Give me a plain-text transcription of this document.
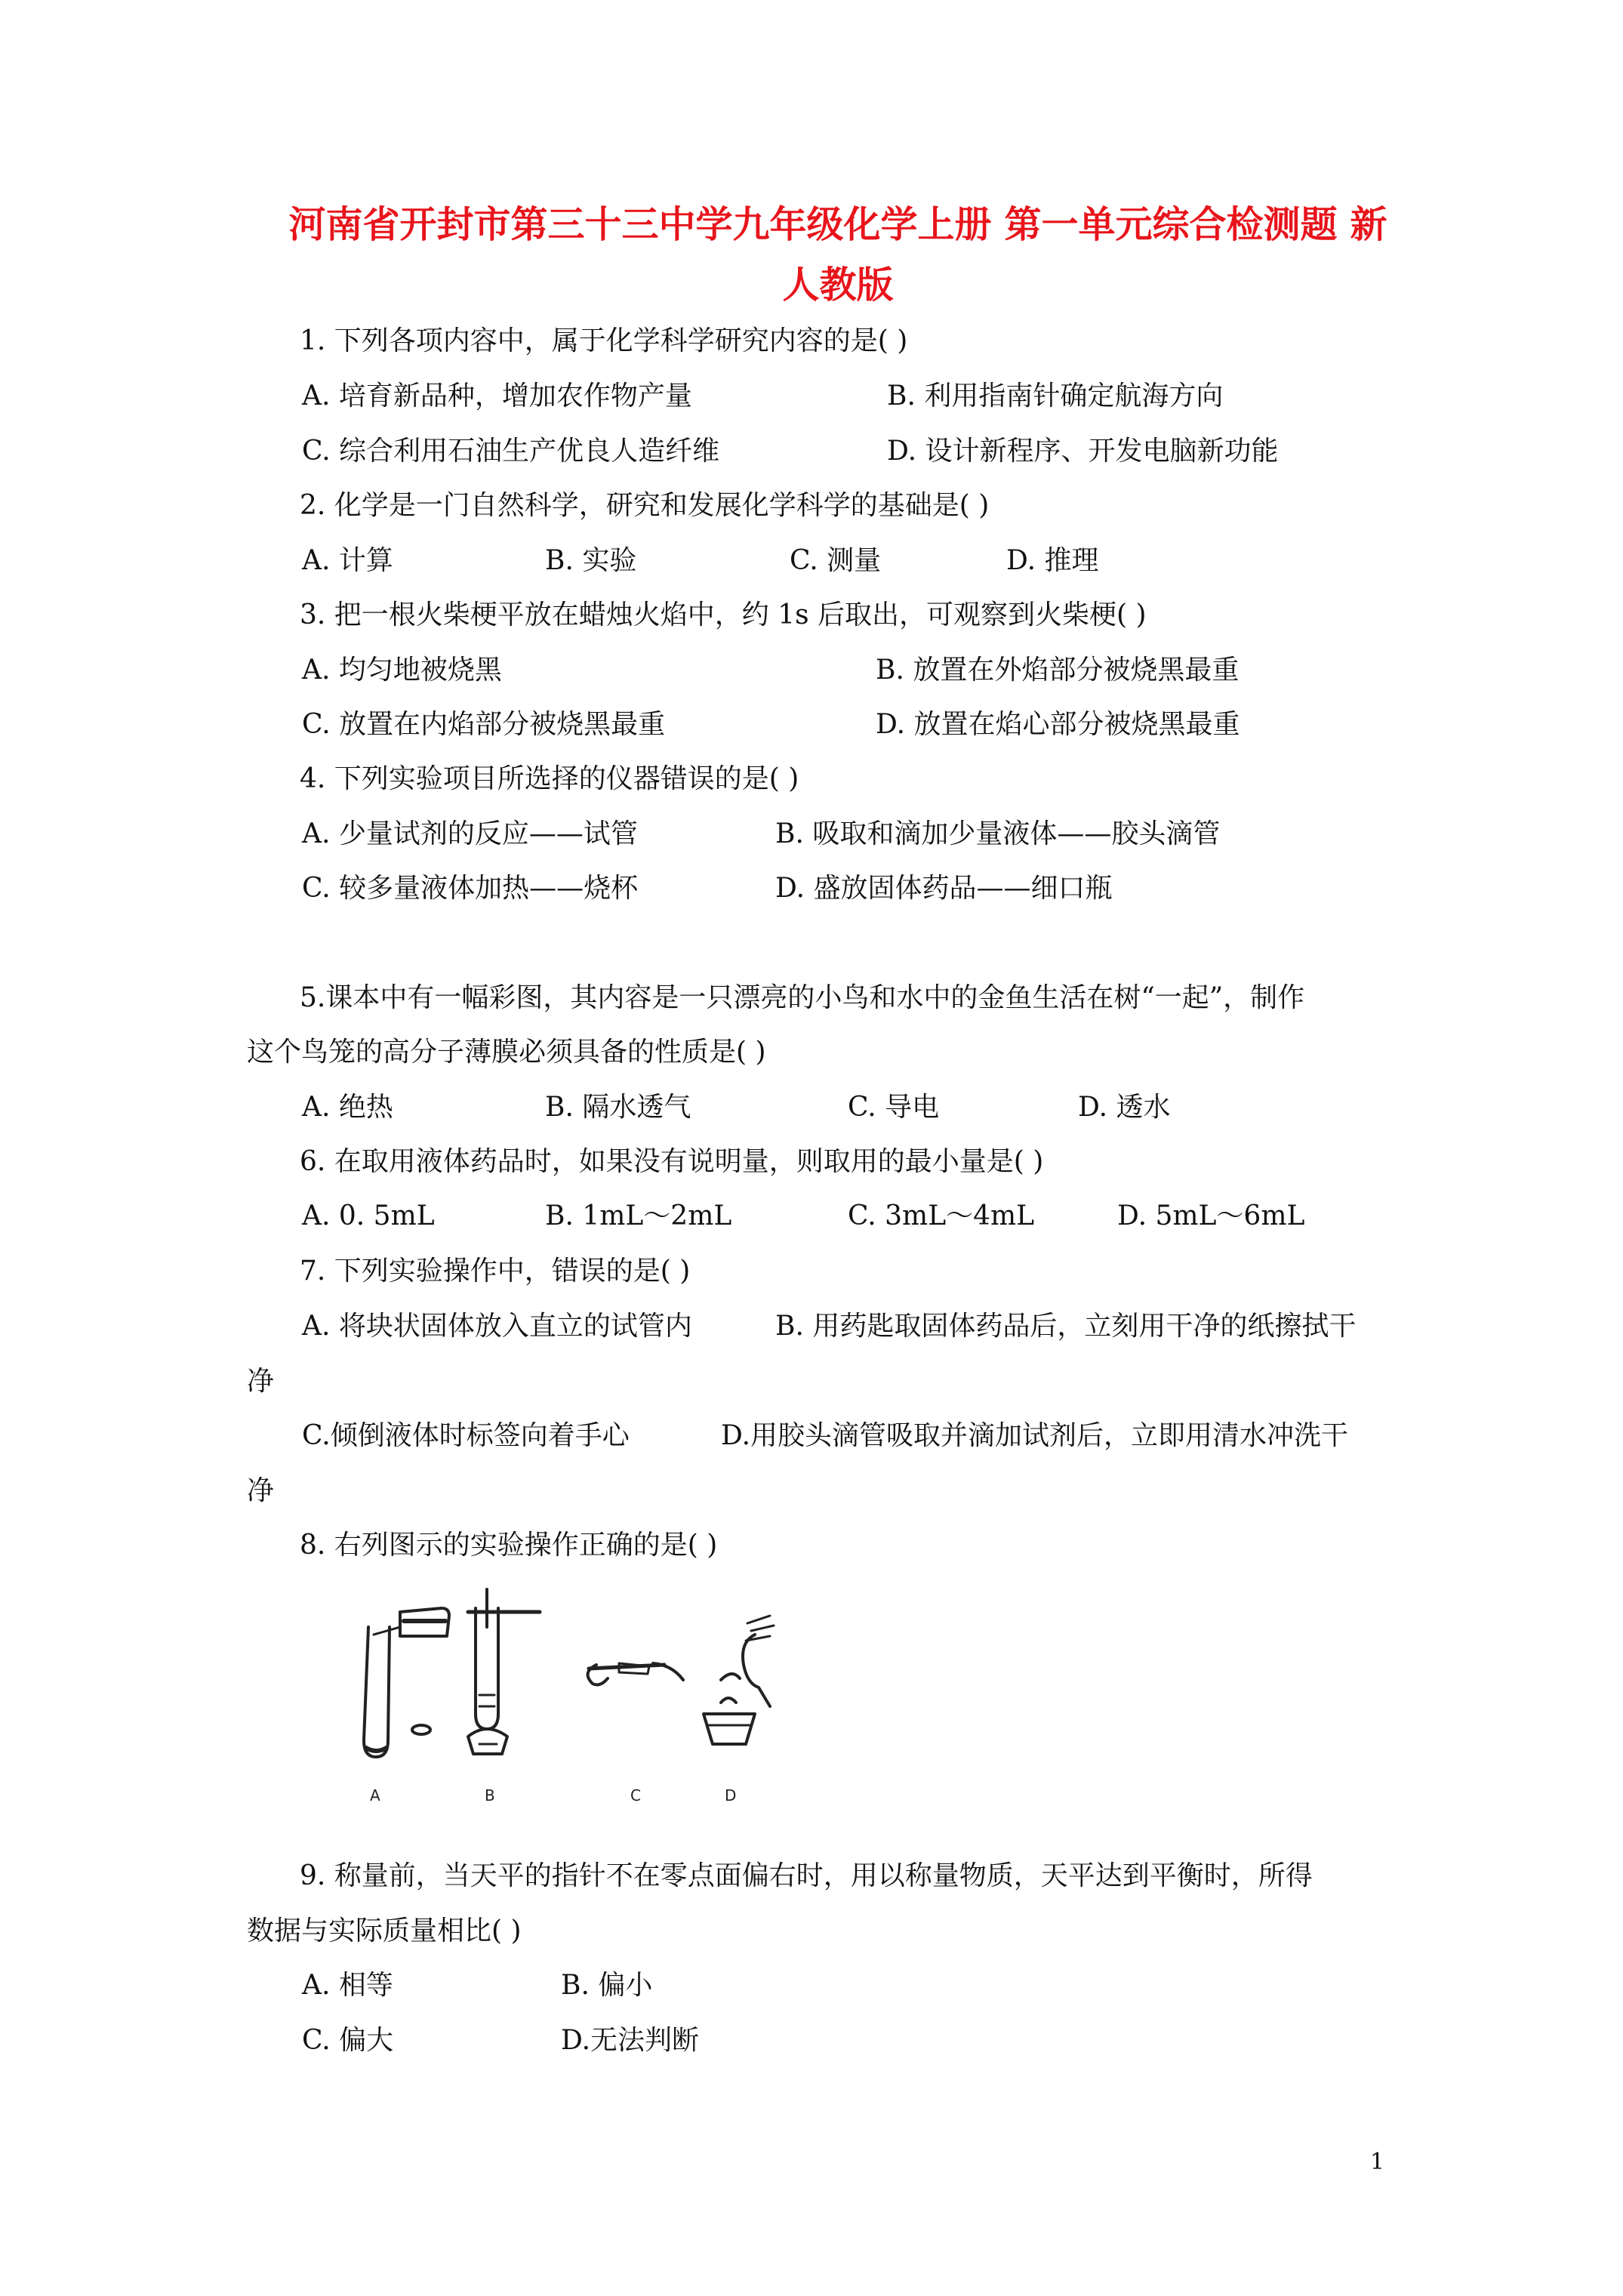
河南省开封市第三十三中学九年级化学上册 第一单元综合检测题 新
人教版
1. 下列各项内容中，属于化学科学研究内容的是( )
A. 培育新品种，增加农作物产量	B. 利用指南针确定航海方向
C. 综合利用石油生产优良人造纤维	D. 设计新程序、开发电脑新功能
2. 化学是一门自然科学，研究和发展化学科学的基础是( )
A. 计算	B. 实验	C. 测量	D. 推理
3. 把一根火柴梗平放在蜡烛火焰中，约 1s 后取出，可观察到火柴梗( )
A. 均匀地被烧黑	B. 放置在外焰部分被烧黑最重
C. 放置在内焰部分被烧黑最重	D. 放置在焰心部分被烧黑最重
4. 下列实验项目所选择的仪器错误的是( )
A. 少量试剂的反应——试管	B. 吸取和滴加少量液体——胶头滴管
C. 较多量液体加热——烧杯	D. 盛放固体药品——细口瓶
5.课本中有一幅彩图，其内容是一只漂亮的小鸟和水中的金鱼生活在树“一起”，制作
这个鸟笼的高分子薄膜必须具备的性质是( )
A. 绝热	B. 隔水透气	C. 导电	D. 透水
6. 在取用液体药品时，如果没有说明量，则取用的最小量是( )
A. 0. 5mL	B. 1mL～2mL	C. 3mL～4mL	D. 5mL～6mL
7. 下列实验操作中，错误的是( )
A. 将块状固体放入直立的试管内	B. 用药匙取固体药品后，立刻用干净的纸擦拭干
净
C.倾倒液体时标签向着手心	D.用胶头滴管吸取并滴加试剂后，立即用清水冲洗干
净
8. 右列图示的实验操作正确的是( )
A	B	C	D
9. 称量前，当天平的指针不在零点面偏右时，用以称量物质，天平达到平衡时，所得
数据与实际质量相比( )
A. 相等	B. 偏小
C. 偏大	D.无法判断
1
